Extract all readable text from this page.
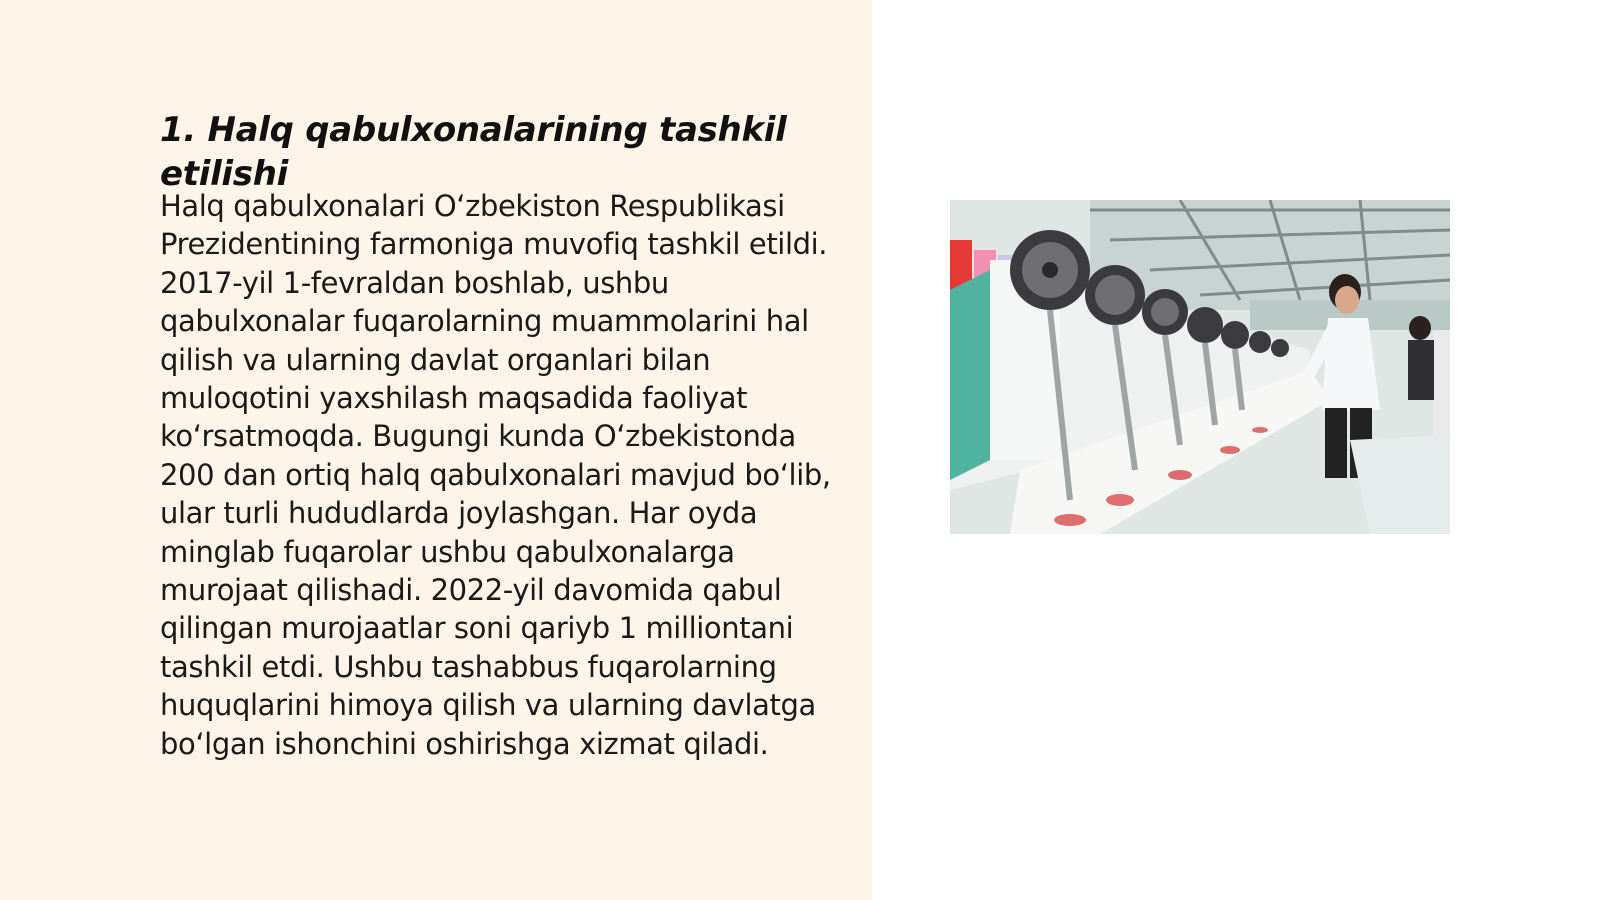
1. Halq qabulxonalarining tashkil etilishi

Halq qabulxonalari O‘zbekiston Respublikasi Prezidentining farmoniga muvofiq tashkil etildi. 2017-yil 1-fevraldan boshlab, ushbu qabulxonalar fuqarolarning muammolarini hal qilish va ularning davlat organlari bilan muloqotini yaxshilash maqsadida faoliyat ko‘rsatmoqda. Bugungi kunda O‘zbekistonda 200 dan ortiq halq qabulxonalari mavjud bo‘lib, ular turli hududlarda joylashgan. Har oyda minglab fuqarolar ushbu qabulxonalarga murojaat qilishadi. 2022-yil davomida qabul qilingan murojaatlar soni qariyb 1 milliontani tashkil etdi. Ushbu tashabbus fuqarolarning huquqlarini himoya qilish va ularning davlatga bo‘lgan ishonchini oshirishga xizmat qiladi.
